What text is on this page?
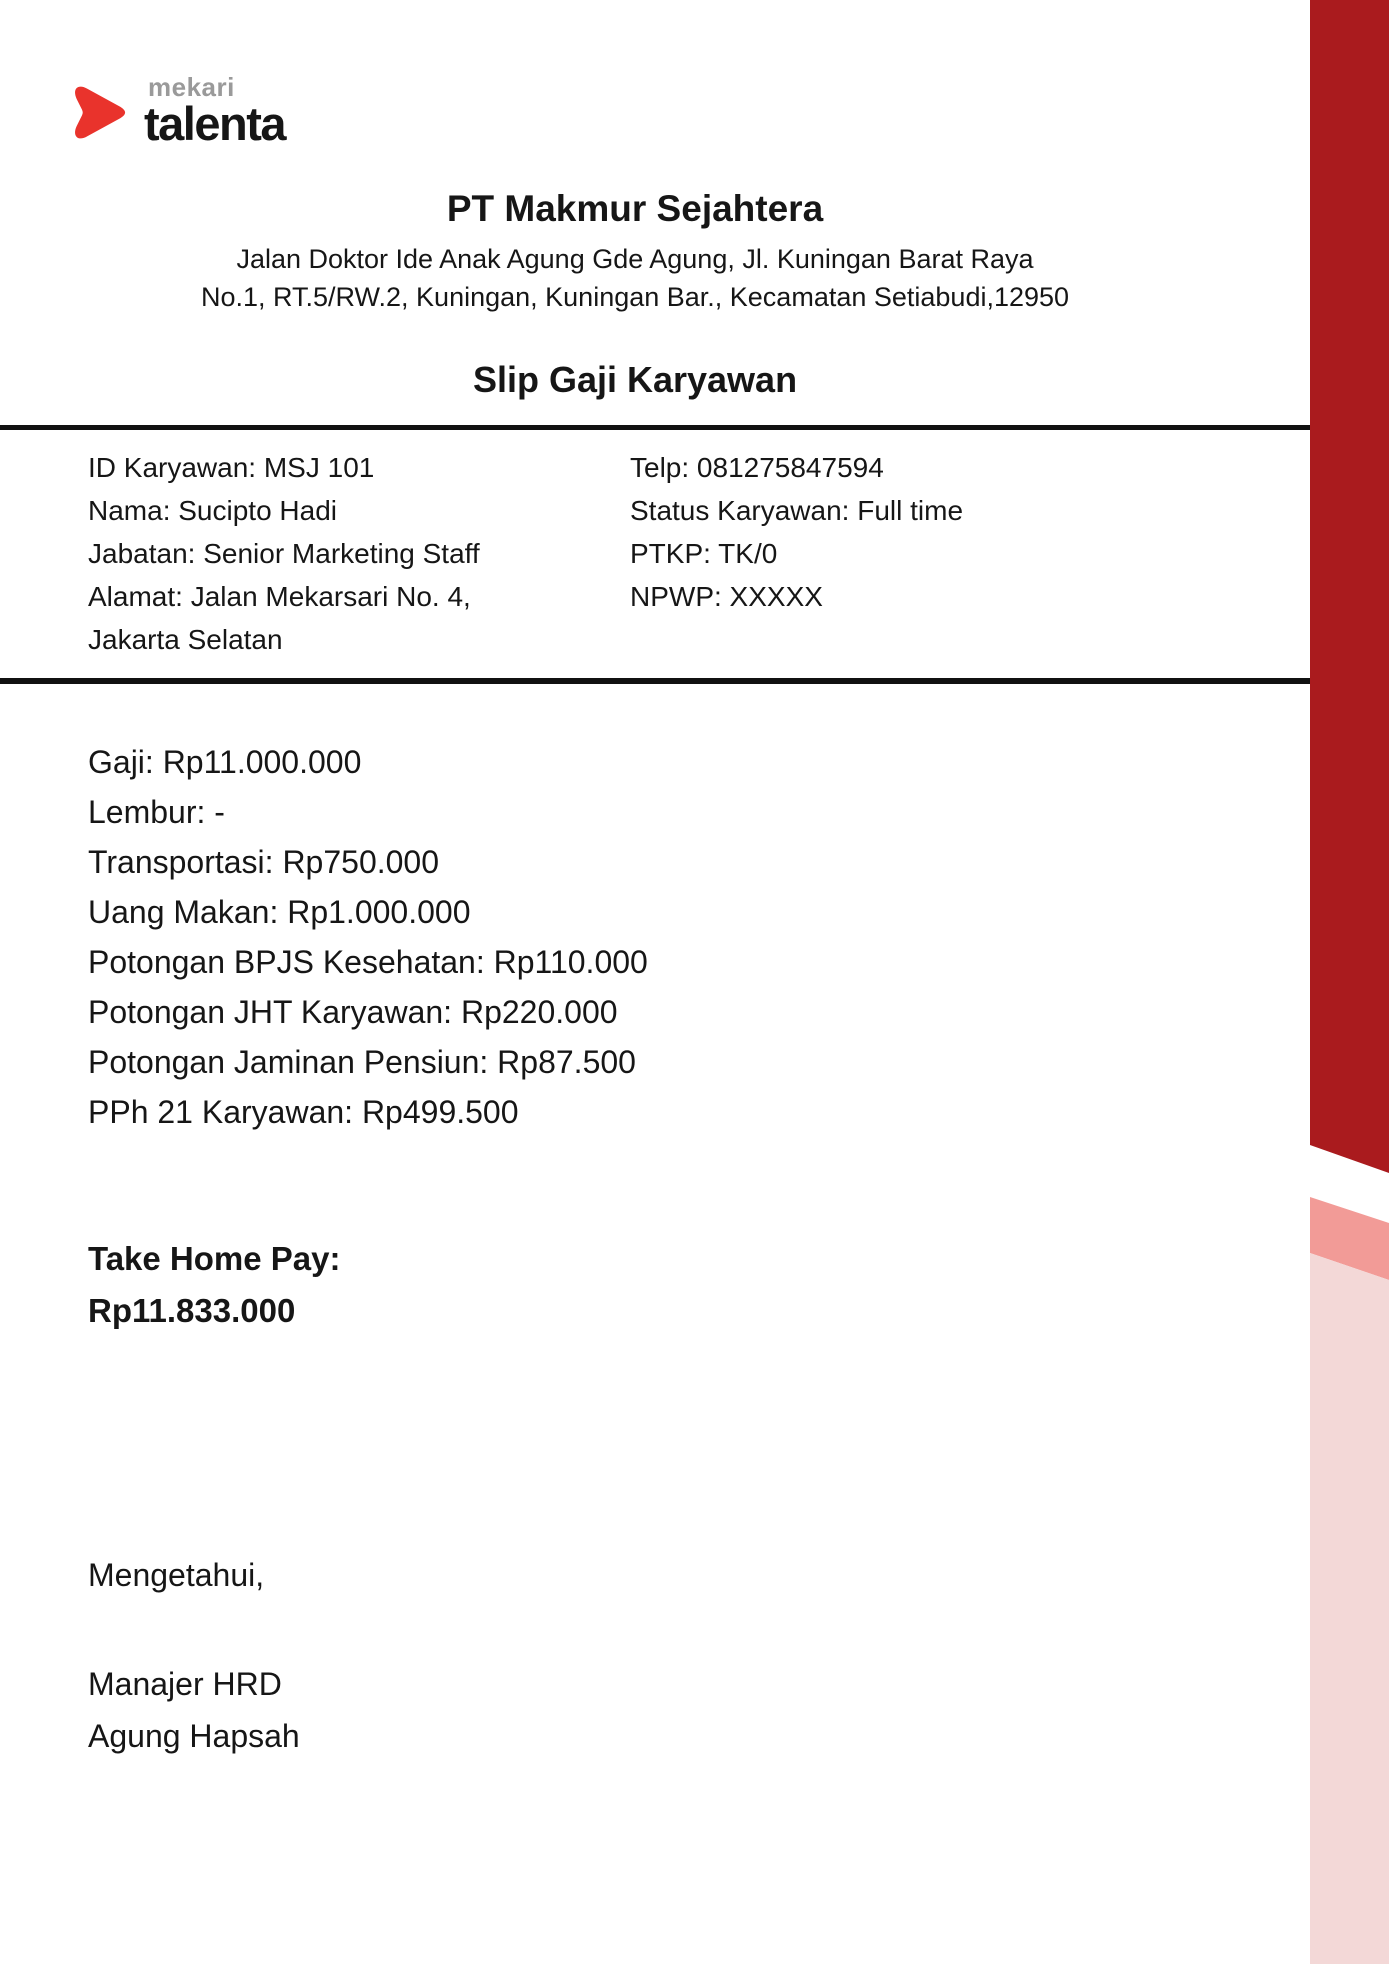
mekari
talenta
PT Makmur Sejahtera
Jalan Doktor Ide Anak Agung Gde Agung, Jl. Kuningan Barat Raya
No.1, RT.5/RW.2, Kuningan, Kuningan Bar., Kecamatan Setiabudi,12950
Slip Gaji Karyawan
ID Karyawan: MSJ 101
Nama: Sucipto Hadi
Jabatan: Senior Marketing Staff
Alamat: Jalan Mekarsari No. 4,
Jakarta Selatan
Telp: 081275847594
Status Karyawan: Full time
PTKP: TK/0
NPWP: XXXXX
Gaji: Rp11.000.000
Lembur: -
Transportasi: Rp750.000
Uang Makan: Rp1.000.000
Potongan BPJS Kesehatan: Rp110.000
Potongan JHT Karyawan: Rp220.000
Potongan Jaminan Pensiun: Rp87.500
PPh 21 Karyawan: Rp499.500
Take Home Pay:
Rp11.833.000
Mengetahui,
Manajer HRD
Agung Hapsah
